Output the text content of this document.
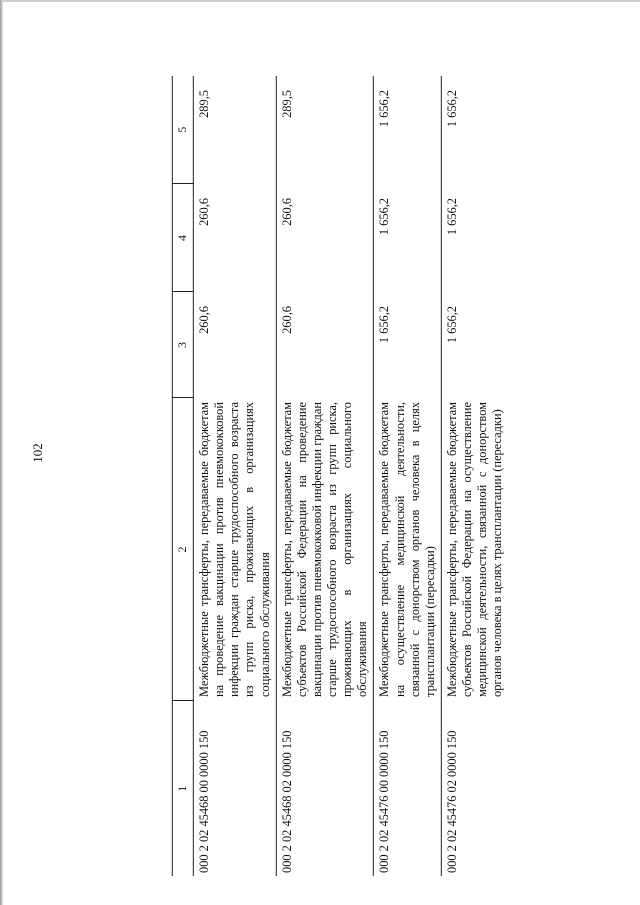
102
1	2	3	4	5
000 2 02 45468 00 0000 150	Межбюджетные трансферты, передаваемые бюджетам на проведение вакцинации против пневмококковой инфекции граждан старше трудоспособного возраста из групп риска, проживающих в организациях социального обслуживания	260,6	260,6	289,5
000 2 02 45468 02 0000 150	Межбюджетные трансферты, передаваемые бюджетам субъектов Российской Федерации на проведение вакцинации против пневмококковой инфекции граждан старше трудоспособного возраста из групп риска, проживающих в организациях социального обслуживания	260,6	260,6	289,5
000 2 02 45476 00 0000 150	Межбюджетные трансферты, передаваемые бюджетам на осуществление медицинской деятельности, связанной с донорством органов человека в целях трансплантации (пересадки)	1 656,2	1 656,2	1 656,2
000 2 02 45476 02 0000 150	Межбюджетные трансферты, передаваемые бюджетам субъектов Российской Федерации на осуществление медицинской деятельности, связанной с донорством органов человека в целях трансплантации (пересадки)	1 656,2	1 656,2	1 656,2
